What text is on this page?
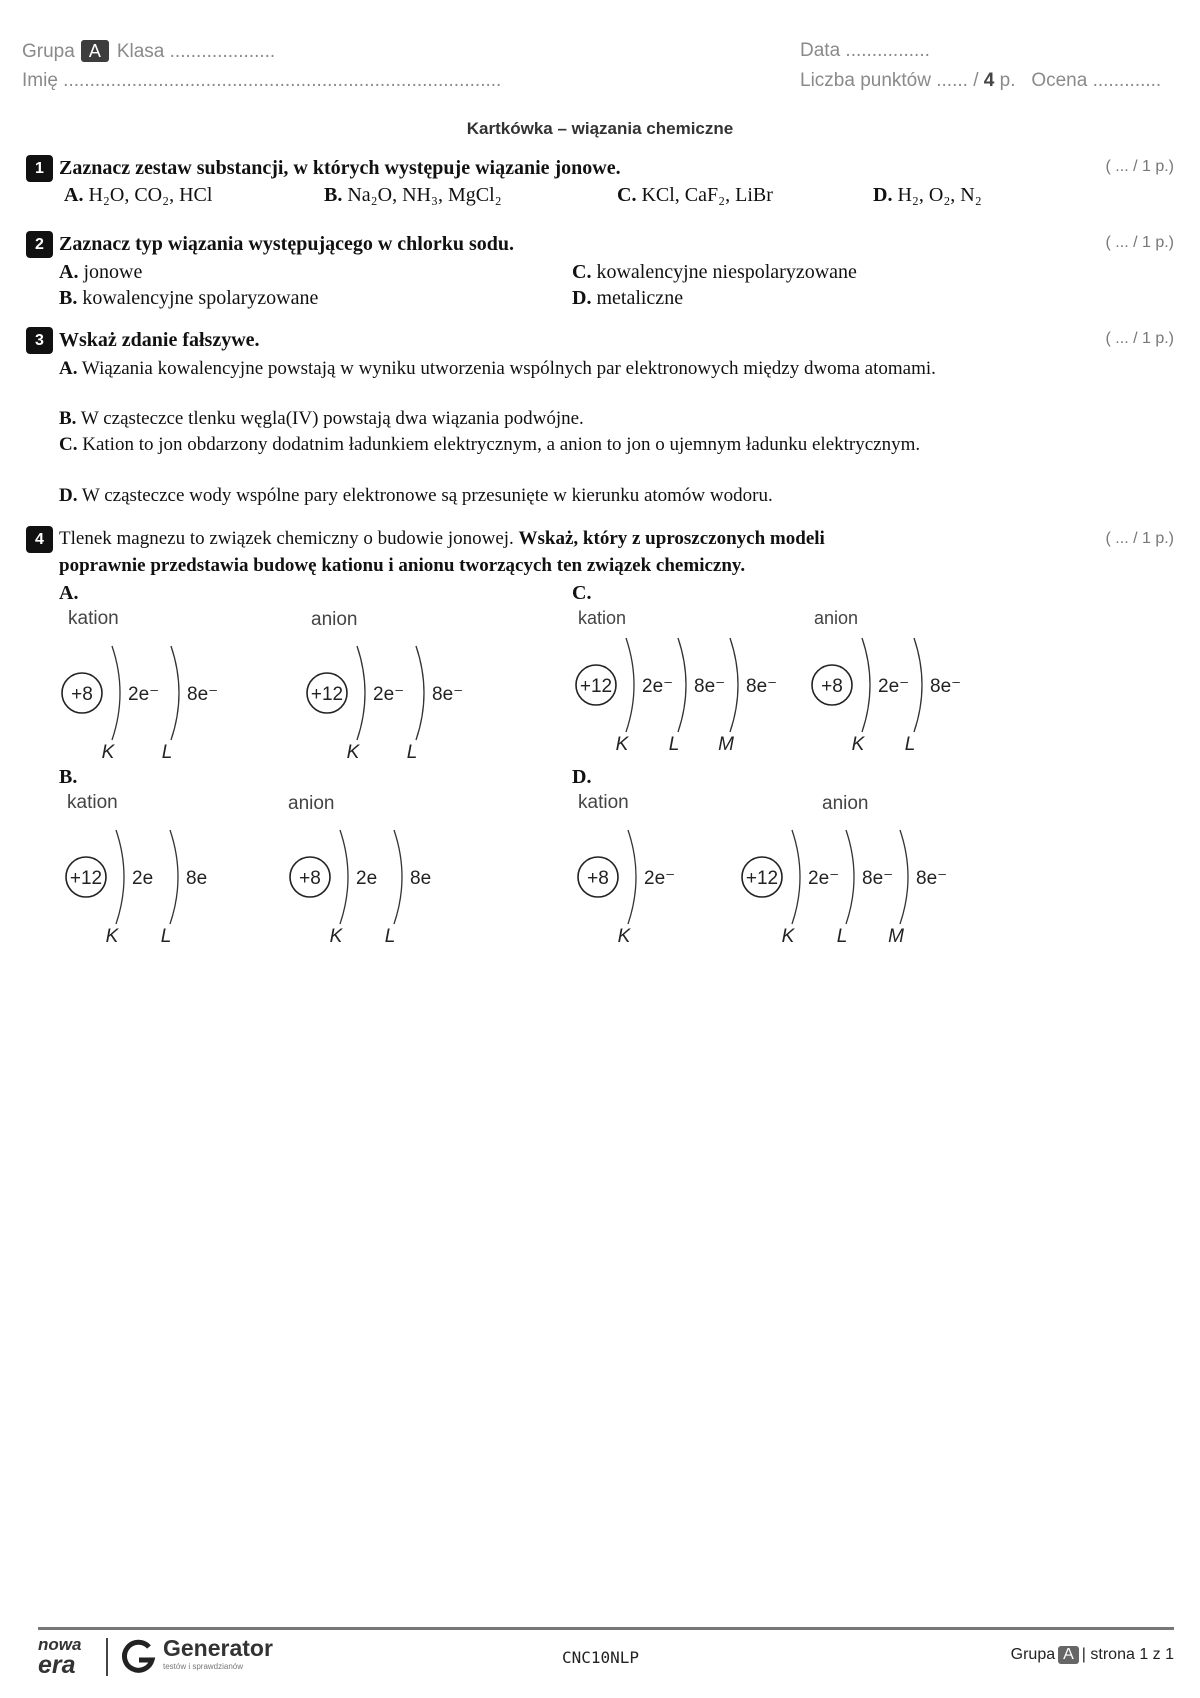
Grupa A Klasa ....................
Imię ...................................................................................
Data ................
Liczba punktów ...... / 4 p. Ocena .............
Kartkówka – wiązania chemiczne
1 Zaznacz zestaw substancji, w których występuje wiązanie jonowe.	( ... / 1 p.)
A. H₂O, CO₂, HCl	B. Na₂O, NH₃, MgCl₂	C. KCl, CaF₂, LiBr	D. H₂, O₂, N₂
2 Zaznacz typ wiązania występującego w chlorku sodu.	( ... / 1 p.)
A. jonowe	C. kowalencyjne niespolaryzowane
B. kowalencyjne spolaryzowane	D. metaliczne
3 Wskaż zdanie fałszywe.	( ... / 1 p.)
A. Wiązania kowalencyjne powstają w wyniku utworzenia wspólnych par elektronowych między dwoma atomami.
B. W cząsteczce tlenku węgla(IV) powstają dwa wiązania podwójne.
C. Kation to jon obdarzony dodatnim ładunkiem elektrycznym, a anion to jon o ujemnym ładunku elektrycznym.
D. W cząsteczce wody wspólne pary elektronowe są przesunięte w kierunku atomów wodoru.
4 Tlenek magnezu to związek chemiczny o budowie jonowej. Wskaż, który z uproszczonych modeli
poprawnie przedstawia budowę kationu i anionu tworzących ten związek chemiczny.
( ... / 1 p.)
A.	C.
B.	D.
kation	anion	kation	anion
kation	anion	kation	anion
+8 2e⁻
K
8e⁻
L
+12 2e⁻
K
8e⁻
L
+12 2e⁻
K
8e⁻
L
8e⁻
M
+8 2e⁻
K
8e⁻
L
+12 2e
K
8e
L
+8 2e
K
8e
L
+8 2e⁻
K
+12 2e⁻
K
8e⁻
L
8e⁻
M
nowa
era
Generator
testów i sprawdzianów	CNC10NLP	Grupa A | strona 1 z 1
